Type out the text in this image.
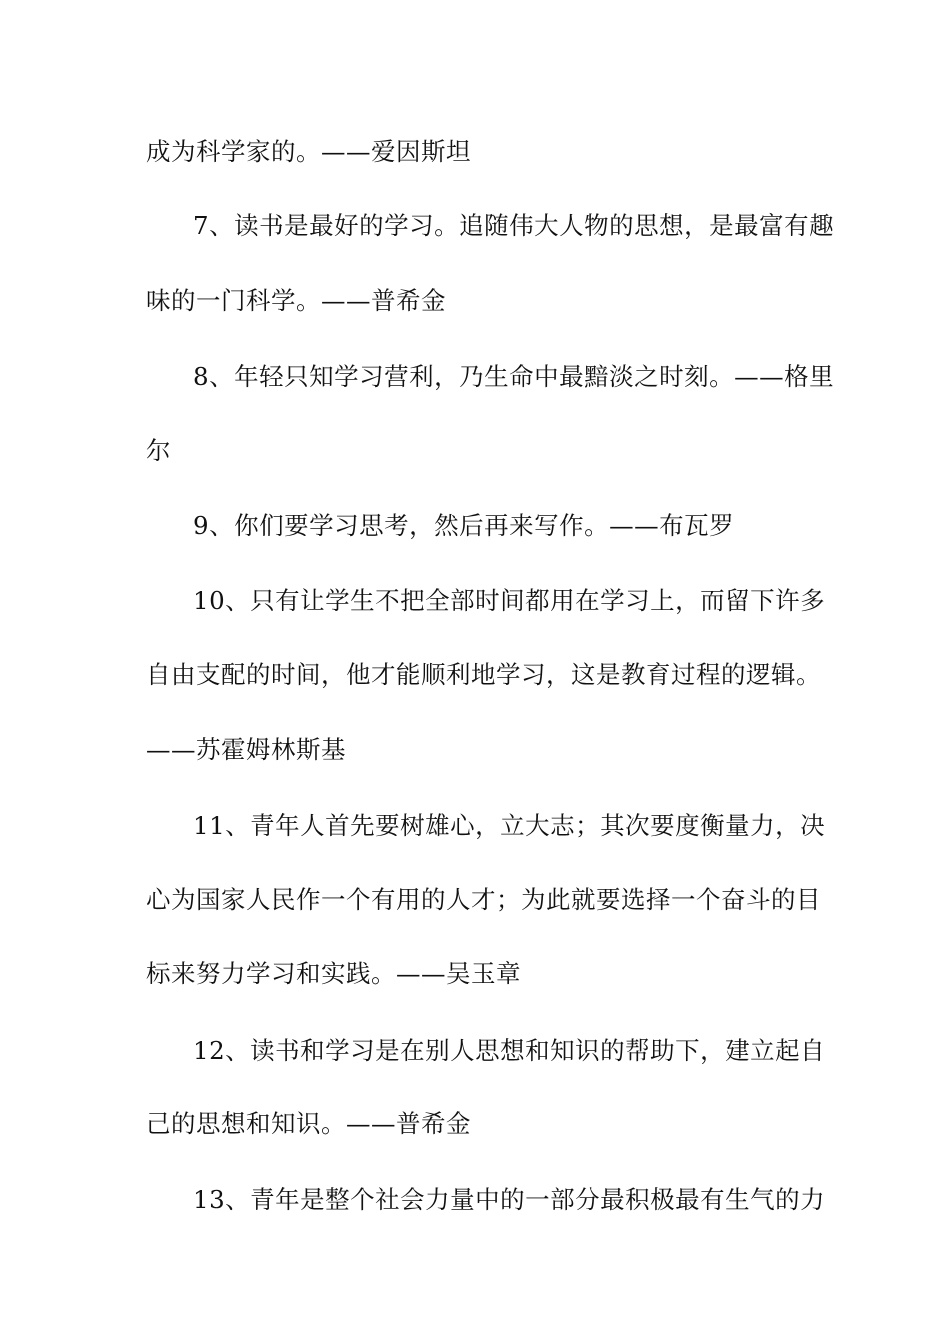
成为科学家的。——爱因斯坦
7、读书是最好的学习。追随伟大人物的思想，是最富有趣
味的一门科学。——普希金
8、年轻只知学习营利，乃生命中最黯淡之时刻。——格里
尔
9、你们要学习思考，然后再来写作。——布瓦罗
10、只有让学生不把全部时间都用在学习上，而留下许多
自由支配的时间，他才能顺利地学习，这是教育过程的逻辑。
——苏霍姆林斯基
11、青年人首先要树雄心，立大志；其次要度衡量力，决
心为国家人民作一个有用的人才；为此就要选择一个奋斗的目
标来努力学习和实践。——吴玉章
12、读书和学习是在别人思想和知识的帮助下，建立起自
己的思想和知识。——普希金
13、青年是整个社会力量中的一部分最积极最有生气的力
